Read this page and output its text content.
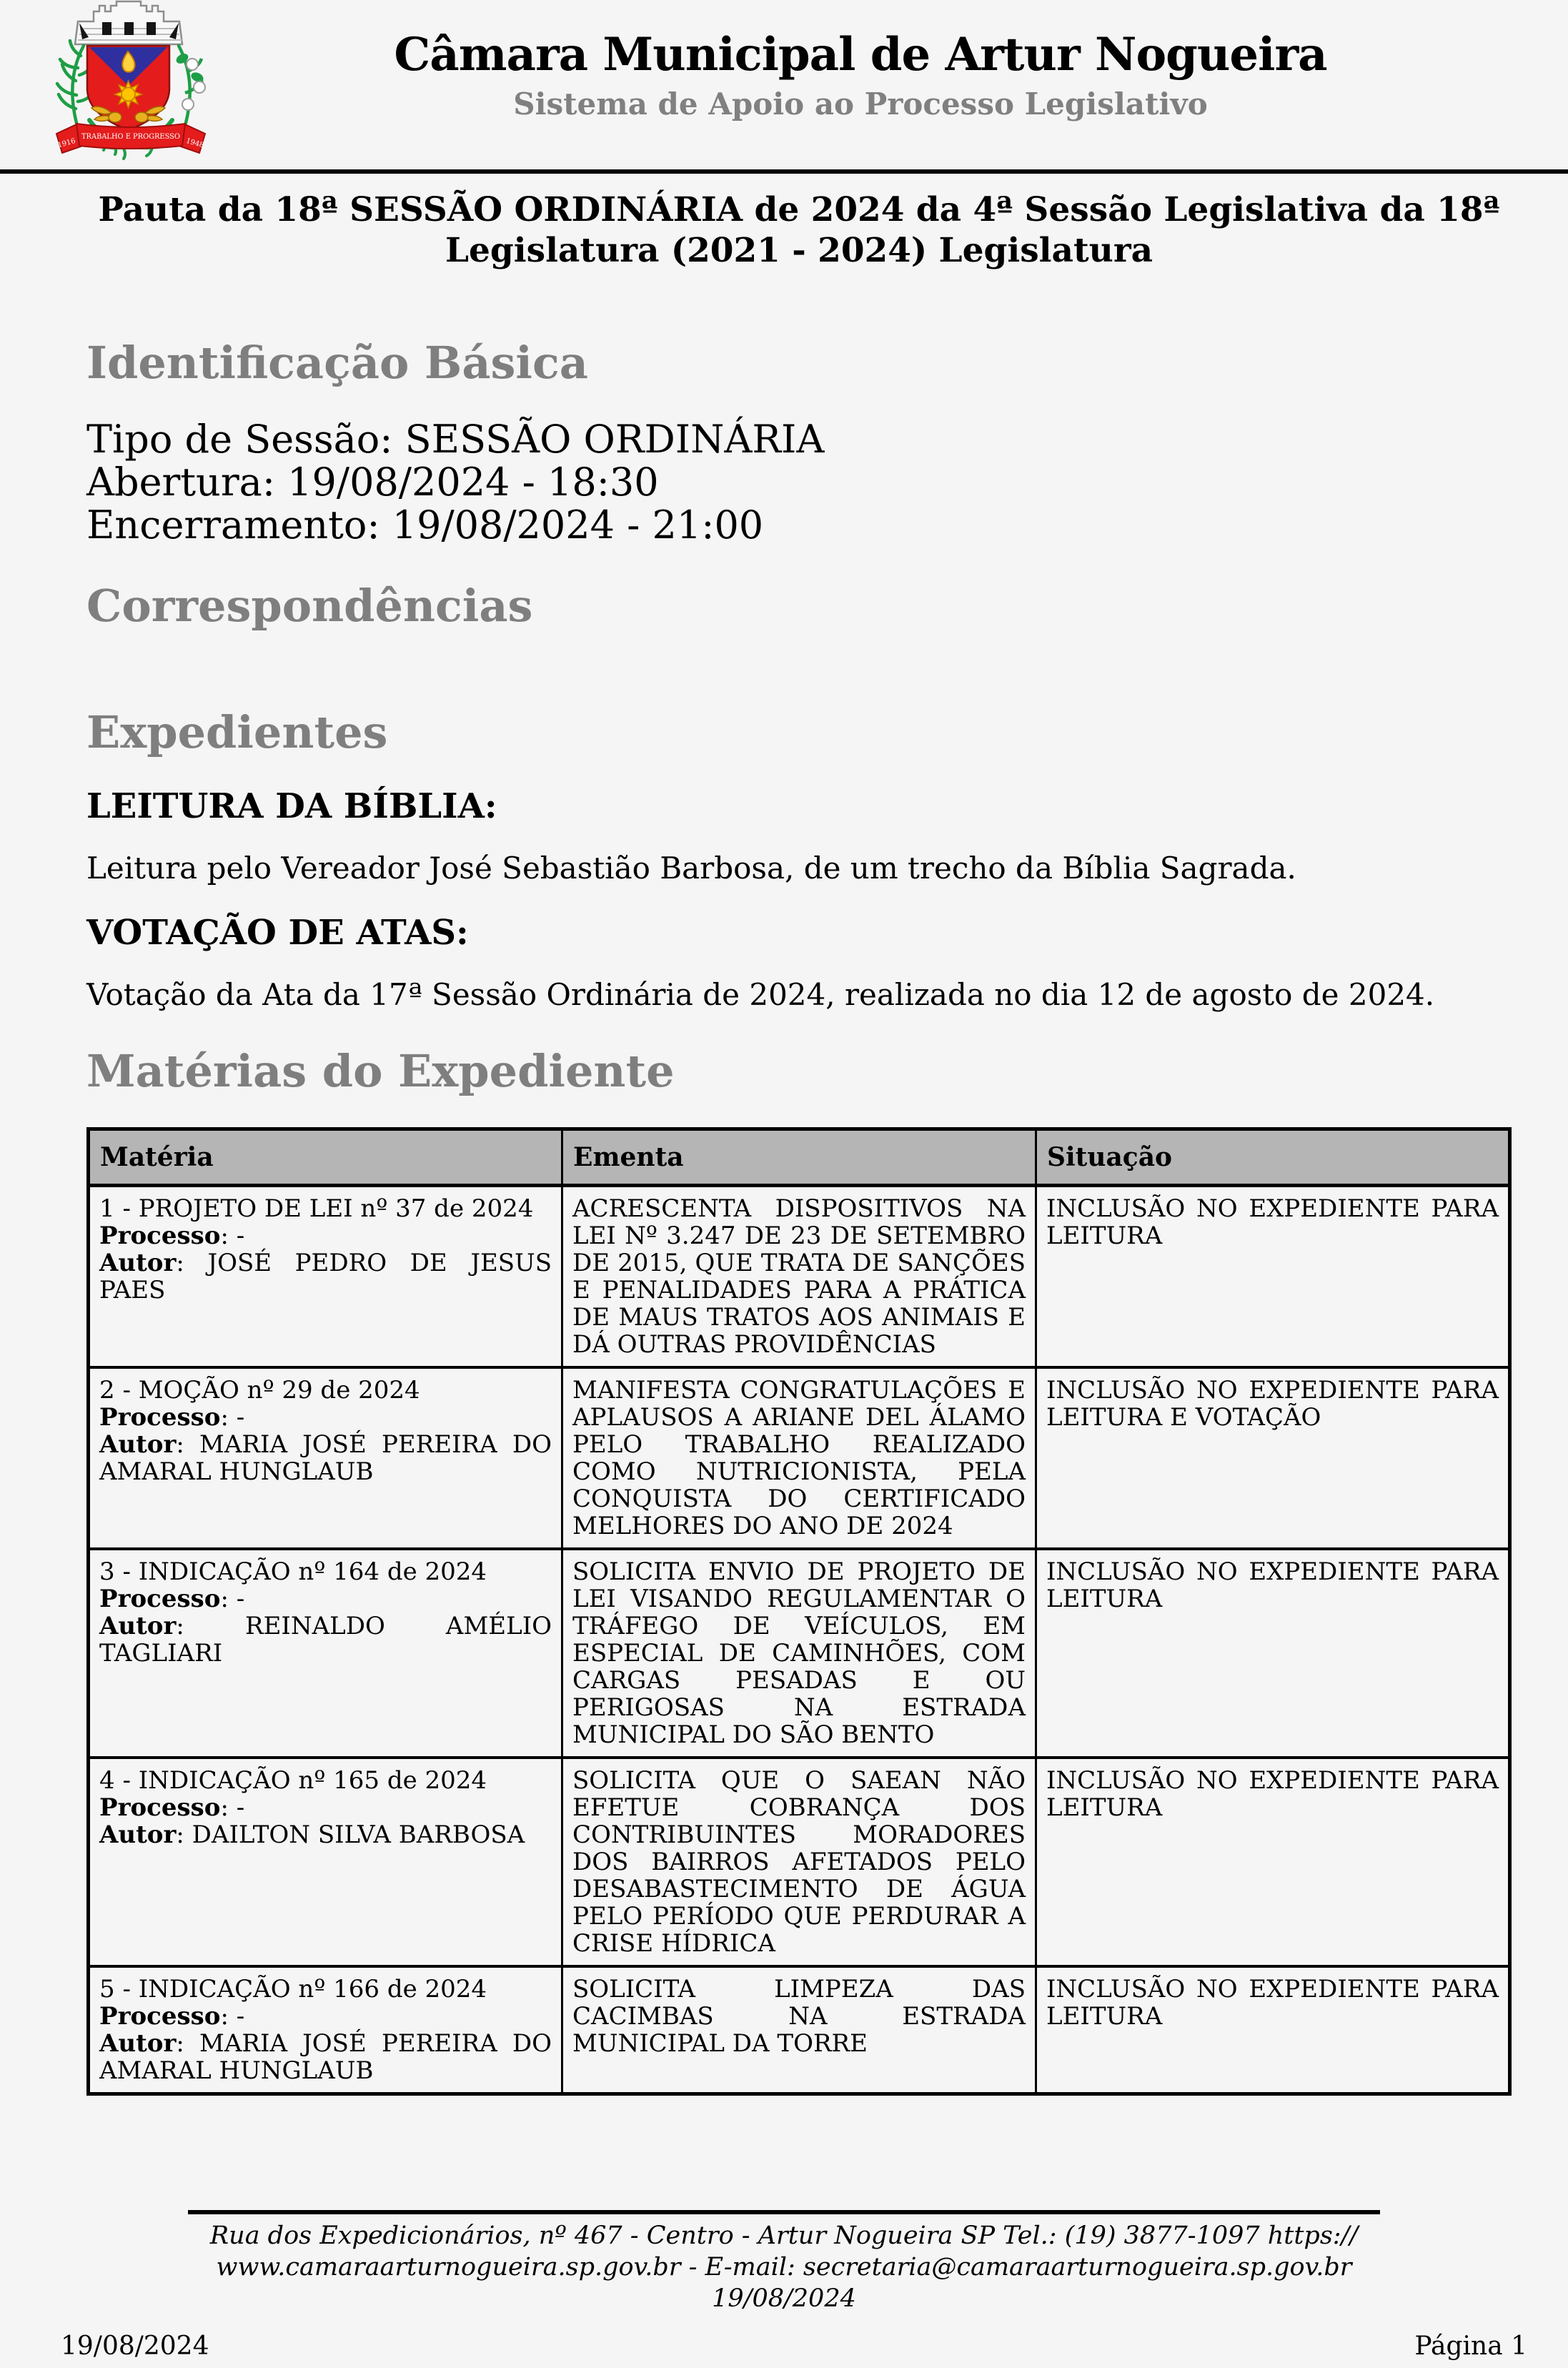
1916
TRABALHO E PROGRESSO
1948
Câmara Municipal de Artur Nogueira
Sistema de Apoio ao Processo Legislativo
Pauta da 18ª SESSÃO ORDINÁRIA de 2024 da 4ª Sessão Legislativa da 18ª
Legislatura (2021 - 2024) Legislatura
Identificação Básica
Tipo de Sessão: SESSÃO ORDINÁRIA
Abertura: 19/08/2024 - 18:30
Encerramento: 19/08/2024 - 21:00
Correspondências
Expedientes
LEITURA DA BÍBLIA:
Leitura pelo Vereador José Sebastião Barbosa, de um trecho da Bíblia Sagrada.
VOTAÇÃO DE ATAS:
Votação da Ata da 17ª Sessão Ordinária de 2024, realizada no dia 12 de agosto de 2024.
Matérias do Expediente
Matéria	Ementa	Situação

1 - PROJETO DE LEI nº 37 de 2024
Processo: -
Autor: JOSÉ PEDRO DE JESUS PAES	ACRESCENTA DISPOSITIVOS NA LEI Nº 3.247 DE 23 DE SETEMBRO DE 2015, QUE TRATA DE SANÇÕES E PENALIDADES PARA A PRÁTICA DE MAUS TRATOS AOS ANIMAIS E DÁ OUTRAS PROVIDÊNCIAS	INCLUSÃO NO EXPEDIENTE PARA LEITURA

2 - MOÇÃO nº 29 de 2024
Processo: -
Autor: MARIA JOSÉ PEREIRA DO AMARAL HUNGLAUB	MANIFESTA CONGRATULAÇÕES E APLAUSOS A ARIANE DEL ÁLAMO PELO TRABALHO REALIZADO COMO NUTRICIONISTA, PELA CONQUISTA DO CERTIFICADO MELHORES DO ANO DE 2024	INCLUSÃO NO EXPEDIENTE PARA LEITURA E VOTAÇÃO

3 - INDICAÇÃO nº 164 de 2024
Processo: -
Autor: REINALDO AMÉLIO TAGLIARI	SOLICITA ENVIO DE PROJETO DE LEI VISANDO REGULAMENTAR O TRÁFEGO DE VEÍCULOS, EM ESPECIAL DE CAMINHÕES, COM CARGAS PESADAS E OU PERIGOSAS NA ESTRADA MUNICIPAL DO SÃO BENTO	INCLUSÃO NO EXPEDIENTE PARA LEITURA

4 - INDICAÇÃO nº 165 de 2024
Processo: -
Autor: DAILTON SILVA BARBOSA	SOLICITA QUE O SAEAN NÃO EFETUE COBRANÇA DOS CONTRIBUINTES MORADORES DOS BAIRROS AFETADOS PELO DESABASTECIMENTO DE ÁGUA PELO PERÍODO QUE PERDURAR A CRISE HÍDRICA	INCLUSÃO NO EXPEDIENTE PARA LEITURA

5 - INDICAÇÃO nº 166 de 2024
Processo: -
Autor: MARIA JOSÉ PEREIRA DO AMARAL HUNGLAUB	SOLICITA LIMPEZA DAS CACIMBAS NA ESTRADA MUNICIPAL DA TORRE	INCLUSÃO NO EXPEDIENTE PARA LEITURA
Rua dos Expedicionários, nº 467 - Centro - Artur Nogueira SP Tel.: (19) 3877-1097 https://
www.camaraarturnogueira.sp.gov.br - E-mail: secretaria@camaraarturnogueira.sp.gov.br
19/08/2024
19/08/2024	Página 1
